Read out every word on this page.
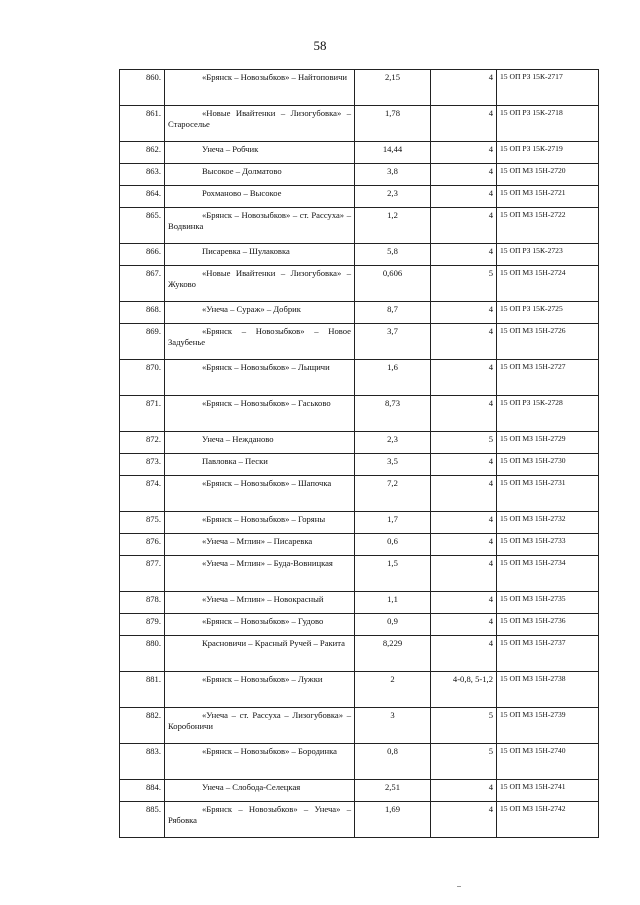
58
860.	«Брянск – Новозыбков» – Найтоповичи	2,15	4	15 ОП РЗ 15К-2717
861.	«Новые Ивайтенки – Лизогубовка» – Староселье	1,78	4	15 ОП РЗ 15К-2718
862.	Унеча – Робчик	14,44	4	15 ОП РЗ 15К-2719
863.	Высокое – Долматово	3,8	4	15 ОП МЗ 15Н-2720
864.	Рохманово – Высокое	2,3	4	15 ОП МЗ 15Н-2721
865.	«Брянск – Новозыбков» – ст. Рассуха» – Водвинка	1,2	4	15 ОП МЗ 15Н-2722
866.	Писаревка – Шулаковка	5,8	4	15 ОП РЗ 15К-2723
867.	«Новые Ивайтенки – Лизогубовка» – Жуково	0,606	5	15 ОП МЗ 15Н-2724
868.	«Унеча – Сураж» – Добрик	8,7	4	15 ОП РЗ 15К-2725
869.	«Брянск – Новозыбков» – Новое Задубенье	3,7	4	15 ОП МЗ 15Н-2726
870.	«Брянск – Новозыбков» – Лыщичи	1,6	4	15 ОП МЗ 15Н-2727
871.	«Брянск – Новозыбков» – Гаськово	8,73	4	15 ОП РЗ 15К-2728
872.	Унеча – Нежданово	2,3	5	15 ОП МЗ 15Н-2729
873.	Павловка – Пески	3,5	4	15 ОП МЗ 15Н-2730
874.	«Брянск – Новозыбков» – Шапочка	7,2	4	15 ОП МЗ 15Н-2731
875.	«Брянск – Новозыбков» – Горяны	1,7	4	15 ОП МЗ 15Н-2732
876.	«Унеча – Мглин» – Писаревка	0,6	4	15 ОП МЗ 15Н-2733
877.	«Унеча – Мглин» – Буда-Вовницкая	1,5	4	15 ОП МЗ 15Н-2734
878.	«Унеча – Мглин» – Новокрасный	1,1	4	15 ОП МЗ 15Н-2735
879.	«Брянск – Новозыбков» – Гудово	0,9	4	15 ОП МЗ 15Н-2736
880.	Красновичи – Красный Ручей – Ракита	8,229	4	15 ОП МЗ 15Н-2737
881.	«Брянск – Новозыбков» – Лужки	2	4-0,8, 5-1,2	15 ОП МЗ 15Н-2738
882.	«Унеча – ст. Рассуха – Лизогубовка» – Коробоничи	3	5	15 ОП МЗ 15Н-2739
883.	«Брянск – Новозыбков» – Бородинка	0,8	5	15 ОП МЗ 15Н-2740
884.	Унеча – Слобода-Селецкая	2,51	4	15 ОП МЗ 15Н-2741
885.	«Брянск – Новозыбков» – Унеча» – Рябовка	1,69	4	15 ОП МЗ 15Н-2742
